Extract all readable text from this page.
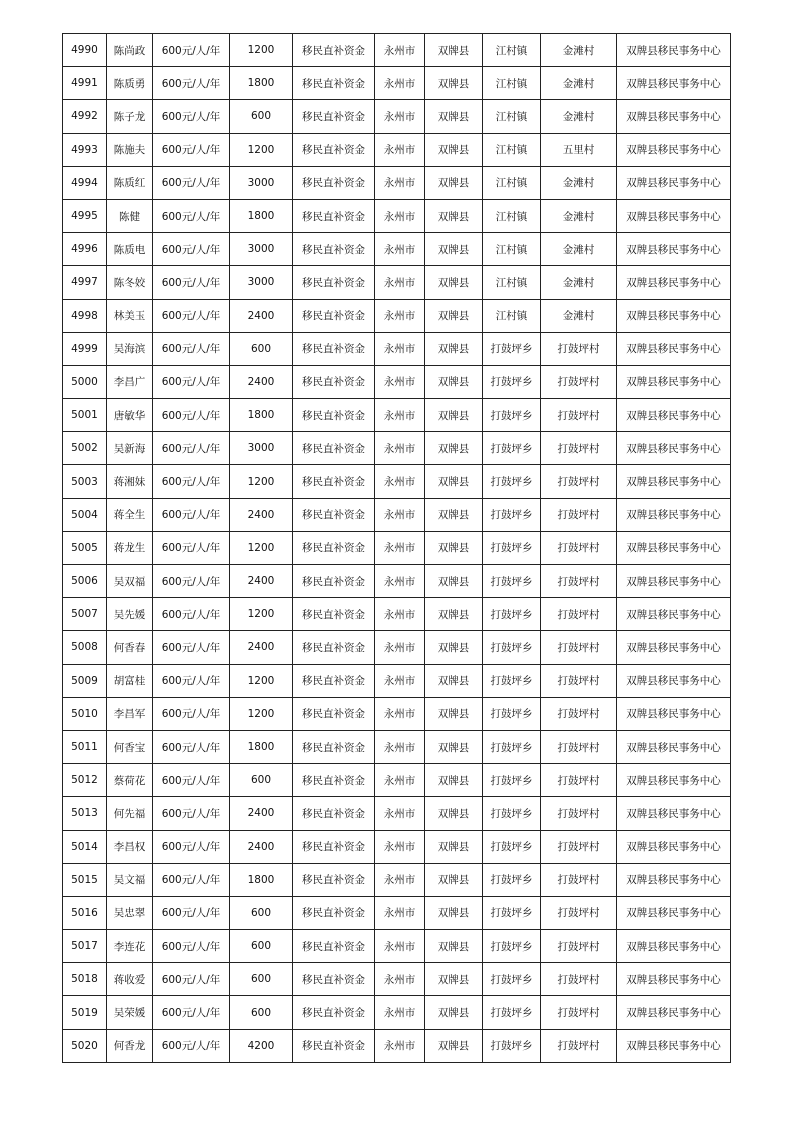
4990	陈尚政	600元/人/年	1200	移民直补资金	永州市	双牌县	江村镇	金滩村	双牌县移民事务中心
4991	陈质勇	600元/人/年	1800	移民直补资金	永州市	双牌县	江村镇	金滩村	双牌县移民事务中心
4992	陈子龙	600元/人/年	600	移民直补资金	永州市	双牌县	江村镇	金滩村	双牌县移民事务中心
4993	陈施夫	600元/人/年	1200	移民直补资金	永州市	双牌县	江村镇	五里村	双牌县移民事务中心
4994	陈质红	600元/人/年	3000	移民直补资金	永州市	双牌县	江村镇	金滩村	双牌县移民事务中心
4995	陈健	600元/人/年	1800	移民直补资金	永州市	双牌县	江村镇	金滩村	双牌县移民事务中心
4996	陈质电	600元/人/年	3000	移民直补资金	永州市	双牌县	江村镇	金滩村	双牌县移民事务中心
4997	陈冬姣	600元/人/年	3000	移民直补资金	永州市	双牌县	江村镇	金滩村	双牌县移民事务中心
4998	林美玉	600元/人/年	2400	移民直补资金	永州市	双牌县	江村镇	金滩村	双牌县移民事务中心
4999	吴海滨	600元/人/年	600	移民直补资金	永州市	双牌县	打鼓坪乡	打鼓坪村	双牌县移民事务中心
5000	李昌广	600元/人/年	2400	移民直补资金	永州市	双牌县	打鼓坪乡	打鼓坪村	双牌县移民事务中心
5001	唐敏华	600元/人/年	1800	移民直补资金	永州市	双牌县	打鼓坪乡	打鼓坪村	双牌县移民事务中心
5002	吴新海	600元/人/年	3000	移民直补资金	永州市	双牌县	打鼓坪乡	打鼓坪村	双牌县移民事务中心
5003	蒋湘妹	600元/人/年	1200	移民直补资金	永州市	双牌县	打鼓坪乡	打鼓坪村	双牌县移民事务中心
5004	蒋全生	600元/人/年	2400	移民直补资金	永州市	双牌县	打鼓坪乡	打鼓坪村	双牌县移民事务中心
5005	蒋龙生	600元/人/年	1200	移民直补资金	永州市	双牌县	打鼓坪乡	打鼓坪村	双牌县移民事务中心
5006	吴双福	600元/人/年	2400	移民直补资金	永州市	双牌县	打鼓坪乡	打鼓坪村	双牌县移民事务中心
5007	吴先媛	600元/人/年	1200	移民直补资金	永州市	双牌县	打鼓坪乡	打鼓坪村	双牌县移民事务中心
5008	何香春	600元/人/年	2400	移民直补资金	永州市	双牌县	打鼓坪乡	打鼓坪村	双牌县移民事务中心
5009	胡富桂	600元/人/年	1200	移民直补资金	永州市	双牌县	打鼓坪乡	打鼓坪村	双牌县移民事务中心
5010	李昌军	600元/人/年	1200	移民直补资金	永州市	双牌县	打鼓坪乡	打鼓坪村	双牌县移民事务中心
5011	何香宝	600元/人/年	1800	移民直补资金	永州市	双牌县	打鼓坪乡	打鼓坪村	双牌县移民事务中心
5012	蔡荷花	600元/人/年	600	移民直补资金	永州市	双牌县	打鼓坪乡	打鼓坪村	双牌县移民事务中心
5013	何先福	600元/人/年	2400	移民直补资金	永州市	双牌县	打鼓坪乡	打鼓坪村	双牌县移民事务中心
5014	李昌权	600元/人/年	2400	移民直补资金	永州市	双牌县	打鼓坪乡	打鼓坪村	双牌县移民事务中心
5015	吴文福	600元/人/年	1800	移民直补资金	永州市	双牌县	打鼓坪乡	打鼓坪村	双牌县移民事务中心
5016	吴忠翠	600元/人/年	600	移民直补资金	永州市	双牌县	打鼓坪乡	打鼓坪村	双牌县移民事务中心
5017	李连花	600元/人/年	600	移民直补资金	永州市	双牌县	打鼓坪乡	打鼓坪村	双牌县移民事务中心
5018	蒋收爱	600元/人/年	600	移民直补资金	永州市	双牌县	打鼓坪乡	打鼓坪村	双牌县移民事务中心
5019	吴荣媛	600元/人/年	600	移民直补资金	永州市	双牌县	打鼓坪乡	打鼓坪村	双牌县移民事务中心
5020	何香龙	600元/人/年	4200	移民直补资金	永州市	双牌县	打鼓坪乡	打鼓坪村	双牌县移民事务中心
